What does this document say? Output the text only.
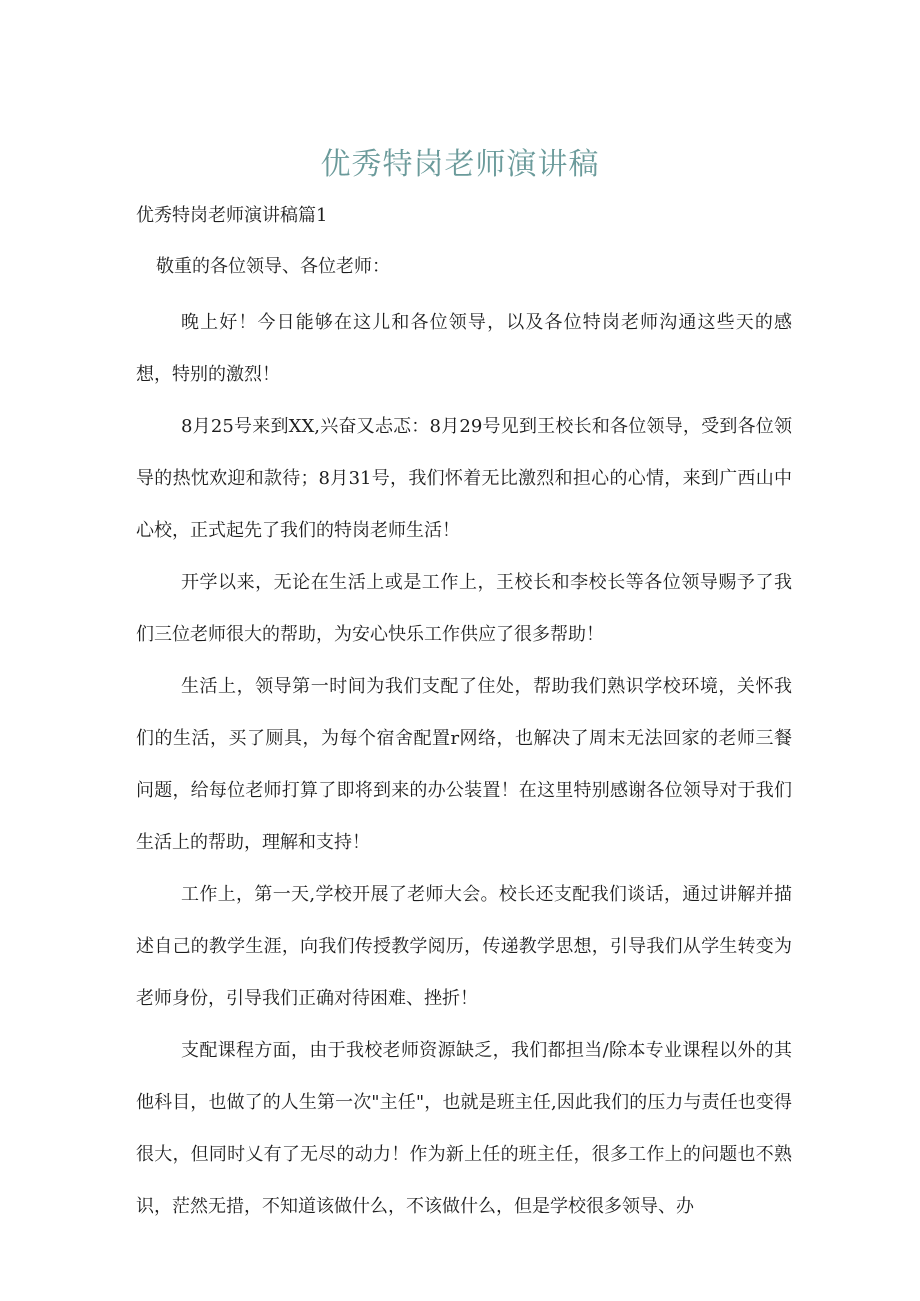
优秀特岗老师演讲稿
优秀特岗老师演讲稿篇1
敬重的各位领导、各位老师：

晚上好！今日能够在这儿和各位领导，以及各位特岗老师沟通这些天的感想，特别的激烈！

8月25号来到XX,兴奋又忐忑：8月29号见到王校长和各位领导，受到各位领导的热忱欢迎和款待；8月31号，我们怀着无比激烈和担心的心情，来到广西山中心校，正式起先了我们的特岗老师生活！

开学以来，无论在生活上或是工作上，王校长和李校长等各位领导赐予了我们三位老师很大的帮助，为安心快乐工作供应了很多帮助！

生活上，领导第一时间为我们支配了住处，帮助我们熟识学校环境，关怀我们的生活，买了厕具，为每个宿舍配置r网络，也解决了周末无法回家的老师三餐问题，给每位老师打算了即将到来的办公装置！在这里特别感谢各位领导对于我们生活上的帮助，理解和支持！

工作上，第一天,学校开展了老师大会。校长还支配我们谈话，通过讲解并描述自己的教学生涯，向我们传授教学阅历，传递教学思想，引导我们从学生转变为老师身份，引导我们正确对待困难、挫折！

支配课程方面，由于我校老师资源缺乏，我们都担当/除本专业课程以外的其他科目，也做了的人生第一次"主任"，也就是班主任,因此我们的压力与责任也变得很大，但同时乂有了无尽的动力！作为新上任的班主任，很多工作上的问题也不熟识，茫然无措，不知道该做什么，不该做什么，但是学校很多领导、办
